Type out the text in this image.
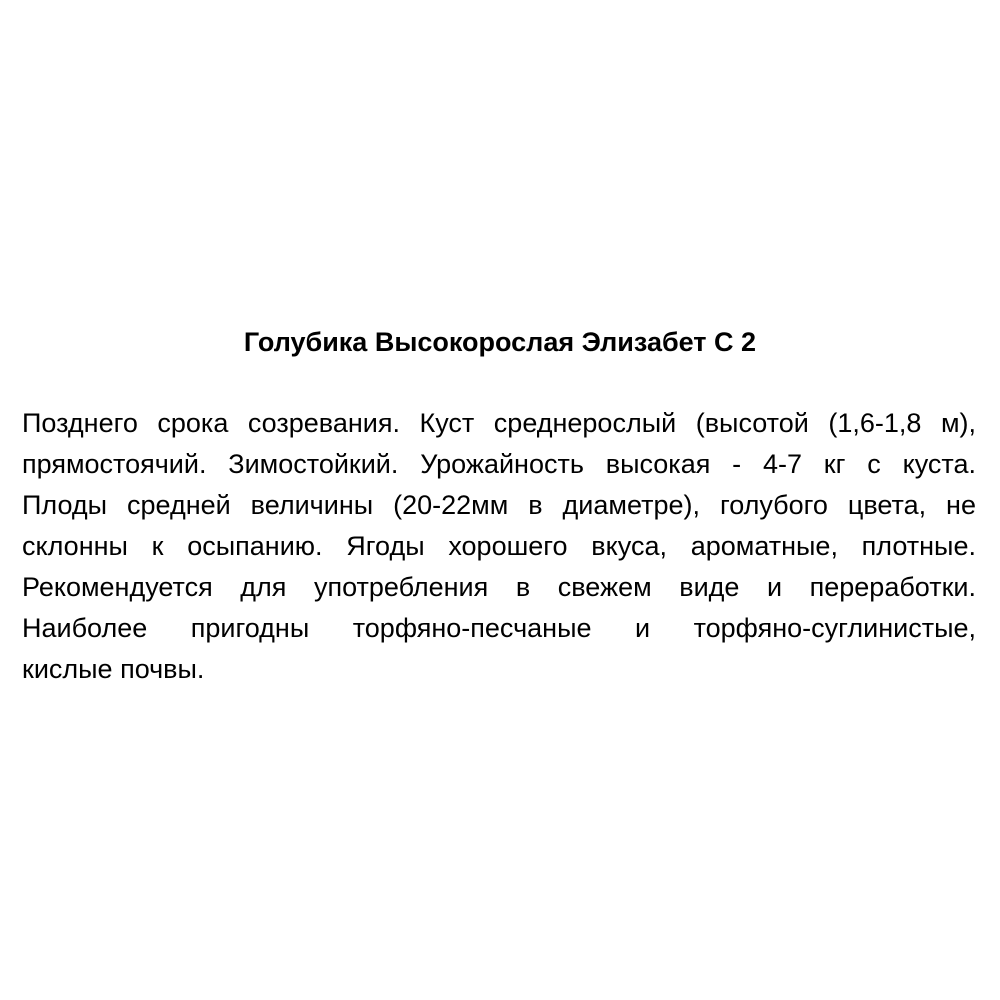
Голубика Высокорослая Элизабет С 2
Позднего срока созревания. Куст среднерослый (высотой (1,6-1,8 м),
прямостоячий. Зимостойкий. Урожайность высокая - 4-7 кг с куста.
Плоды средней величины (20-22мм в диаметре), голубого цвета, не
склонны к осыпанию. Ягоды хорошего вкуса, ароматные, плотные.
Рекомендуется для употребления в свежем виде и переработки.
Наиболее пригодны торфяно-песчаные и торфяно-суглинистые,
кислые почвы.
